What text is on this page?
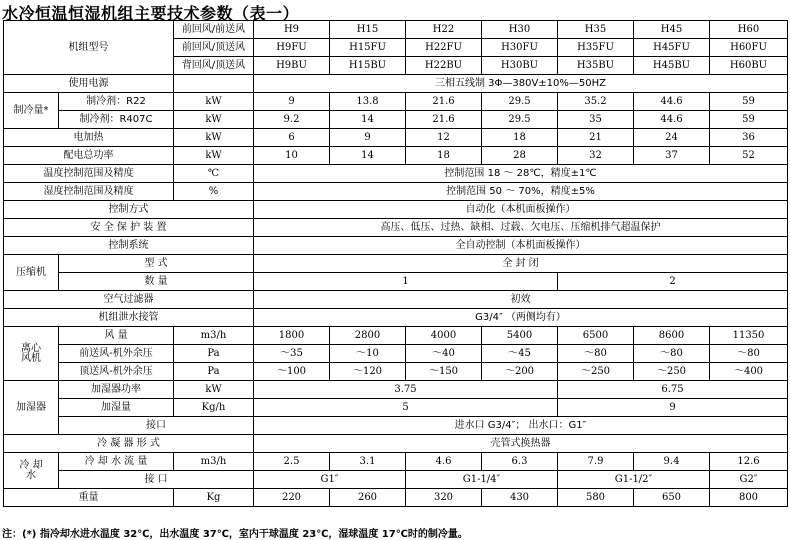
水冷恒温恒湿机组主要技术参数（表一）
机组型号		前回风/前送风	H9	H15	H22	H30	H35	H45	H60
		前回风/顶送风	H9FU	H15FU	H22FU	H30FU	H35FU	H45FU	H60FU
		背回风/顶送风	H9BU	H15BU	H22BU	H30BU	H35BU	H45BU	H60BU
使用电源			三相五线制 3Φ—380V±10%—50HZ						
制冷量*	制冷剂：R22	kW	9	13.8	21.6	29.5	35.2	44.6	59
	制冷剂：R407C	kW	9.2	14	21.6	29.5	35	44.6	59
电加热		kW	6	9	12	18	21	24	36
配电总功率		kW	10	14	18	28	32	37	52
温度控制范围及精度		℃	控制范围 18 ～ 28℃，精度±1℃						
湿度控制范围及精度		%	控制范围 50 ～ 70%，精度±5%						
控制方式			自动化（本机面板操作）						
安 全 保 护 装 置			高压、低压、过热、缺相、过载、欠电压、压缩机排气超温保护						
控制系统			全自动控制（本机面板操作）						
压缩机	型 式		全 封 闭						
	数 量		1				2		
空气过滤器			初效						
机组泄水接管			G3/4″ （两侧均有）						

离心
风机	风 量	m3/h	1800	2800	4000	5400	6500	8600	11350
	前送风-机外余压	Pa	～35	～10	～40	～45	～80	～80	～80
	顶送风-机外余压	Pa	～100	～120	～150	～200	～250	～250	～400
加湿器	加湿器功率	kW	3.75				6.75		
	加湿量	Kg/h	5				9		
	接口		进水口 G3/4″； 出水口：G1″						
冷 凝 器 形 式			壳管式换热器						

冷 却
水	冷 却 水 流 量	m3/h	2.5	3.1	4.6	6.3	7.9	9.4	12.6
	接 口		G1″		G1-1/4″		G1-1/2″		G2″
重量		Kg	220	260	320	430	580	650	800
注：(*) 指冷却水进水温度 32℃，出水温度 37℃，室内干球温度 23℃，湿球温度 17℃时的制冷量。
